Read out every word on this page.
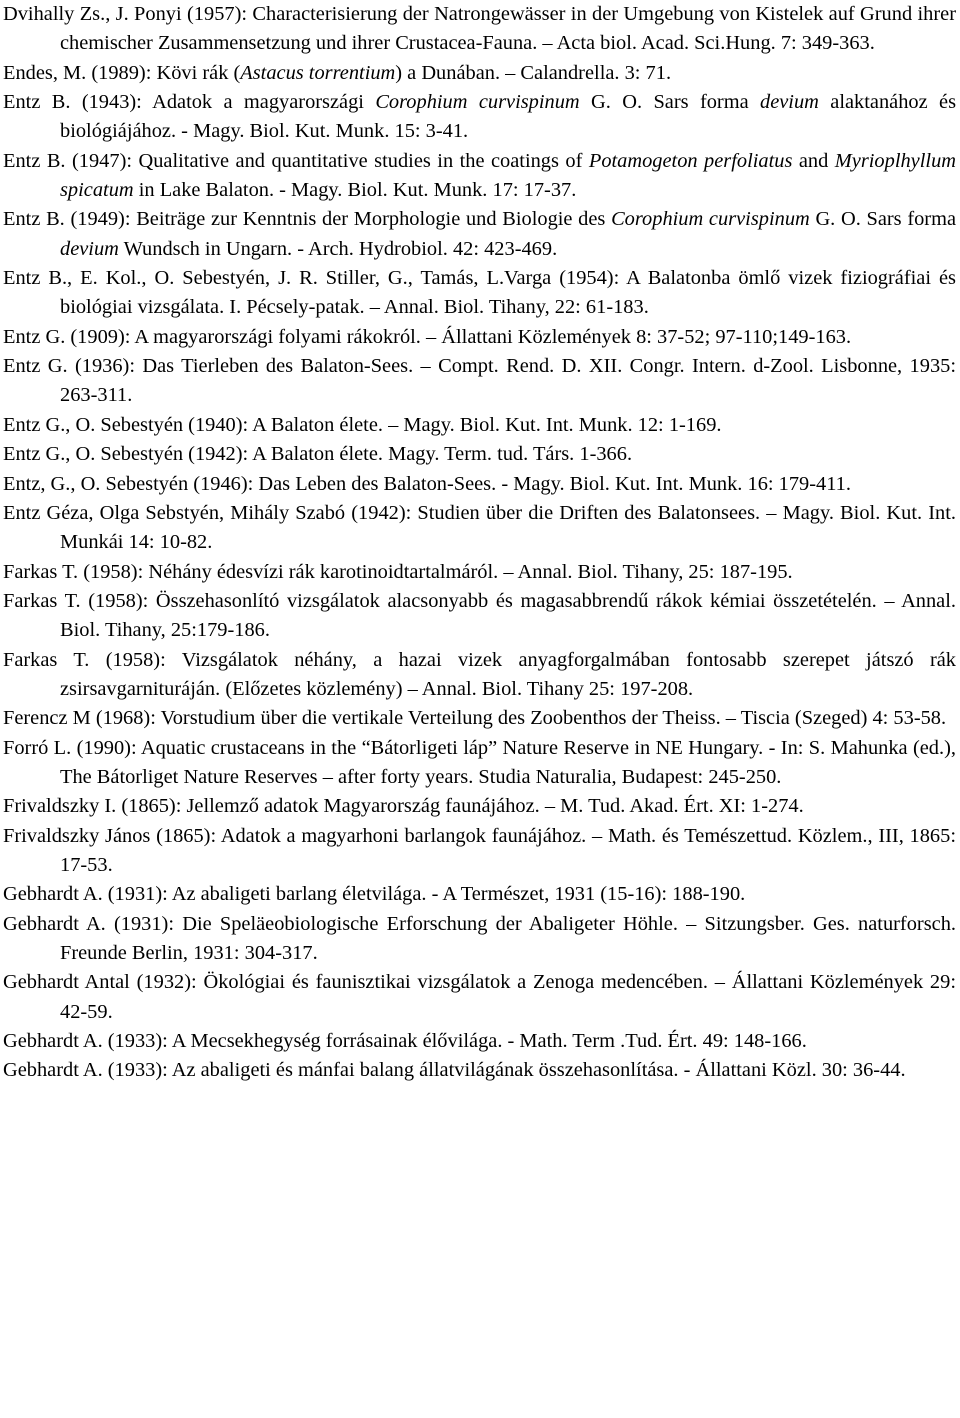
Dvihally Zs., J. Ponyi (1957): Characterisierung der Natrongewässer in der Umgebung von Kistelek auf Grund ihrer chemischer Zusammensetzung und ihrer Crustacea-Fauna. – Acta biol. Acad. Sci.Hung. 7: 349-363.
Endes, M. (1989): Kövi rák (Astacus torrentium) a Dunában. – Calandrella. 3: 71.
Entz B. (1943): Adatok a magyarországi Corophium curvispinum G. O. Sars forma devium alaktanához és biológiájához. - Magy. Biol. Kut. Munk. 15: 3-41.
Entz B. (1947): Qualitative and quantitative studies in the coatings of Potamogeton perfoliatus and Myrioplhyllum spicatum in Lake Balaton. - Magy. Biol. Kut. Munk. 17: 17-37.
Entz B. (1949): Beiträge zur Kenntnis der Morphologie und Biologie des Corophium curvispinum G. O. Sars forma devium Wundsch in Ungarn. - Arch. Hydrobiol. 42: 423-469.
Entz B., E. Kol., O. Sebestyén, J. R. Stiller, G., Tamás, L.Varga (1954): A Balatonba ömlő vizek fiziográfiai és biológiai vizsgálata. I. Pécsely-patak. – Annal. Biol. Tihany, 22: 61-183.
Entz G. (1909): A magyarországi folyami rákokról. – Állattani Közlemények 8: 37-52; 97-110;149-163.
Entz G. (1936): Das Tierleben des Balaton-Sees. – Compt. Rend. D. XII. Congr. Intern. d-Zool. Lisbonne, 1935: 263-311.
Entz G., O. Sebestyén (1940): A Balaton élete. – Magy. Biol. Kut. Int. Munk. 12: 1-169.
Entz G., O. Sebestyén (1942): A Balaton élete. Magy. Term. tud. Társ. 1-366.
Entz, G., O. Sebestyén (1946): Das Leben des Balaton-Sees. - Magy. Biol. Kut. Int. Munk. 16: 179-411.
Entz Géza, Olga Sebstyén, Mihály Szabó (1942): Studien über die Driften des Balatonsees. – Magy. Biol. Kut. Int. Munkái 14: 10-82.
Farkas T. (1958): Néhány édesvízi rák karotinoidtartalmáról. – Annal. Biol. Tihany, 25: 187-195.
Farkas T. (1958): Összehasonlító vizsgálatok alacsonyabb és magasabbrendű rákok kémiai összetételén. – Annal. Biol. Tihany, 25:179-186.
Farkas T. (1958): Vizsgálatok néhány, a hazai vizek anyagforgalmában fontosabb szerepet játszó rák zsirsavgarnituráján. (Előzetes közlemény) – Annal. Biol. Tihany 25: 197-208.
Ferencz M (1968): Vorstudium über die vertikale Verteilung des Zoobenthos der Theiss. – Tiscia (Szeged) 4: 53-58.
Forró L. (1990): Aquatic crustaceans in the “Bátorligeti láp” Nature Reserve in NE Hungary. - In: S. Mahunka (ed.), The Bátorliget Nature Reserves – after forty years. Studia Naturalia, Budapest: 245-250.
Frivaldszky I. (1865): Jellemző adatok Magyarország faunájához. – M. Tud. Akad. Ért. XI: 1-274.
Frivaldszky János (1865): Adatok a magyarhoni barlangok faunájához. – Math. és Temészettud. Közlem., III, 1865: 17-53.
Gebhardt A. (1931): Az abaligeti barlang életvilága. - A Természet, 1931 (15-16): 188-190.
Gebhardt A. (1931): Die Speläeobiologische Erforschung der Abaligeter Höhle. – Sitzungsber. Ges. naturforsch. Freunde Berlin, 1931: 304-317.
Gebhardt Antal (1932): Ökológiai és faunisztikai vizsgálatok a Zenoga medencében. – Állattani Közlemények 29: 42-59.
Gebhardt A. (1933): A Mecsekhegység forrásainak élővilága. - Math. Term .Tud. Ért. 49: 148-166.
Gebhardt A. (1933): Az abaligeti és mánfai balang állatvilágának összehasonlítása. - Állattani Közl. 30: 36-44.
